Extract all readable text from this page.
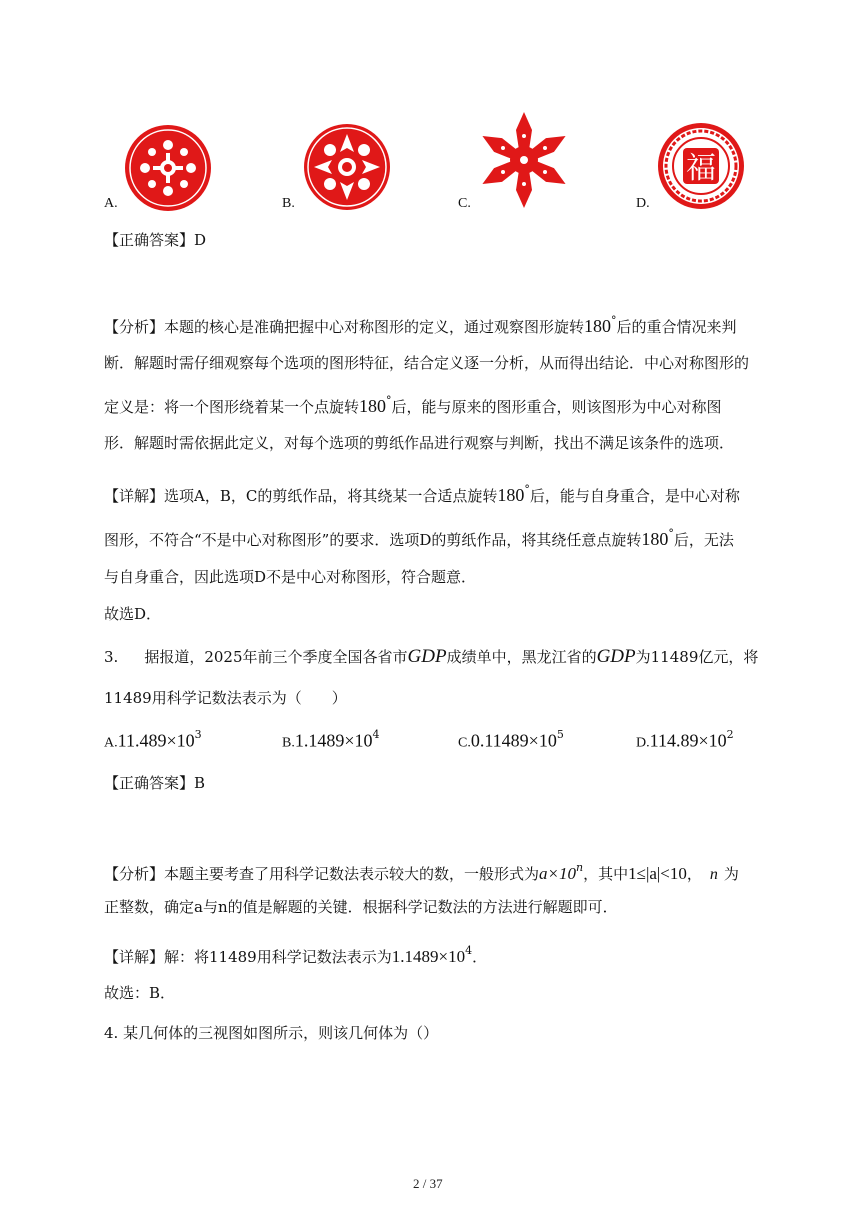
A.	B.	C.
福
D.
【正确答案】D
【分析】本题的核心是准确把握中心对称图形的定义，通过观察图形旋转180°后的重合情况来判
断．解题时需仔细观察每个选项的图形特征，结合定义逐一分析，从而得出结论．中心对称图形的
定义是：将一个图形绕着某一个点旋转180°后，能与原来的图形重合，则该图形为中心对称图
形．解题时需依据此定义，对每个选项的剪纸作品进行观察与判断，找出不满足该条件的选项．
【详解】选项A，B，C的剪纸作品，将其绕某一合适点旋转180°后，能与自身重合，是中心对称
图形，不符合“不是中心对称图形”的要求．选项D的剪纸作品，将其绕任意点旋转180°后，无法
与自身重合，因此选项D不是中心对称图形，符合题意．
故选D．
3. 据报道，2025年前三个季度全国各省市GDP成绩单中，黑龙江省的GDP为11489亿元，将
11489用科学记数法表示为（　　）
$A.11.489\times 10^3$
$B.1.1489\times 10^4$
$C.0.11489\times 10^5$
$D.114.89\times 10^2$
【正确答案】B
【分析】本题主要考查了用科学记数法表示较大的数，一般形式为$a\times 10^n$，其中1≤|a|<10， n 为
正整数，确定a与n的值是解题的关键．根据科学记数法的方法进行解题即可．
【详解】解：将11489用科学记数法表示为$1.1489\times 10^4$．
故选：B．
4. 某几何体的三视图如图所示，则该几何体为（）
2 / 37
